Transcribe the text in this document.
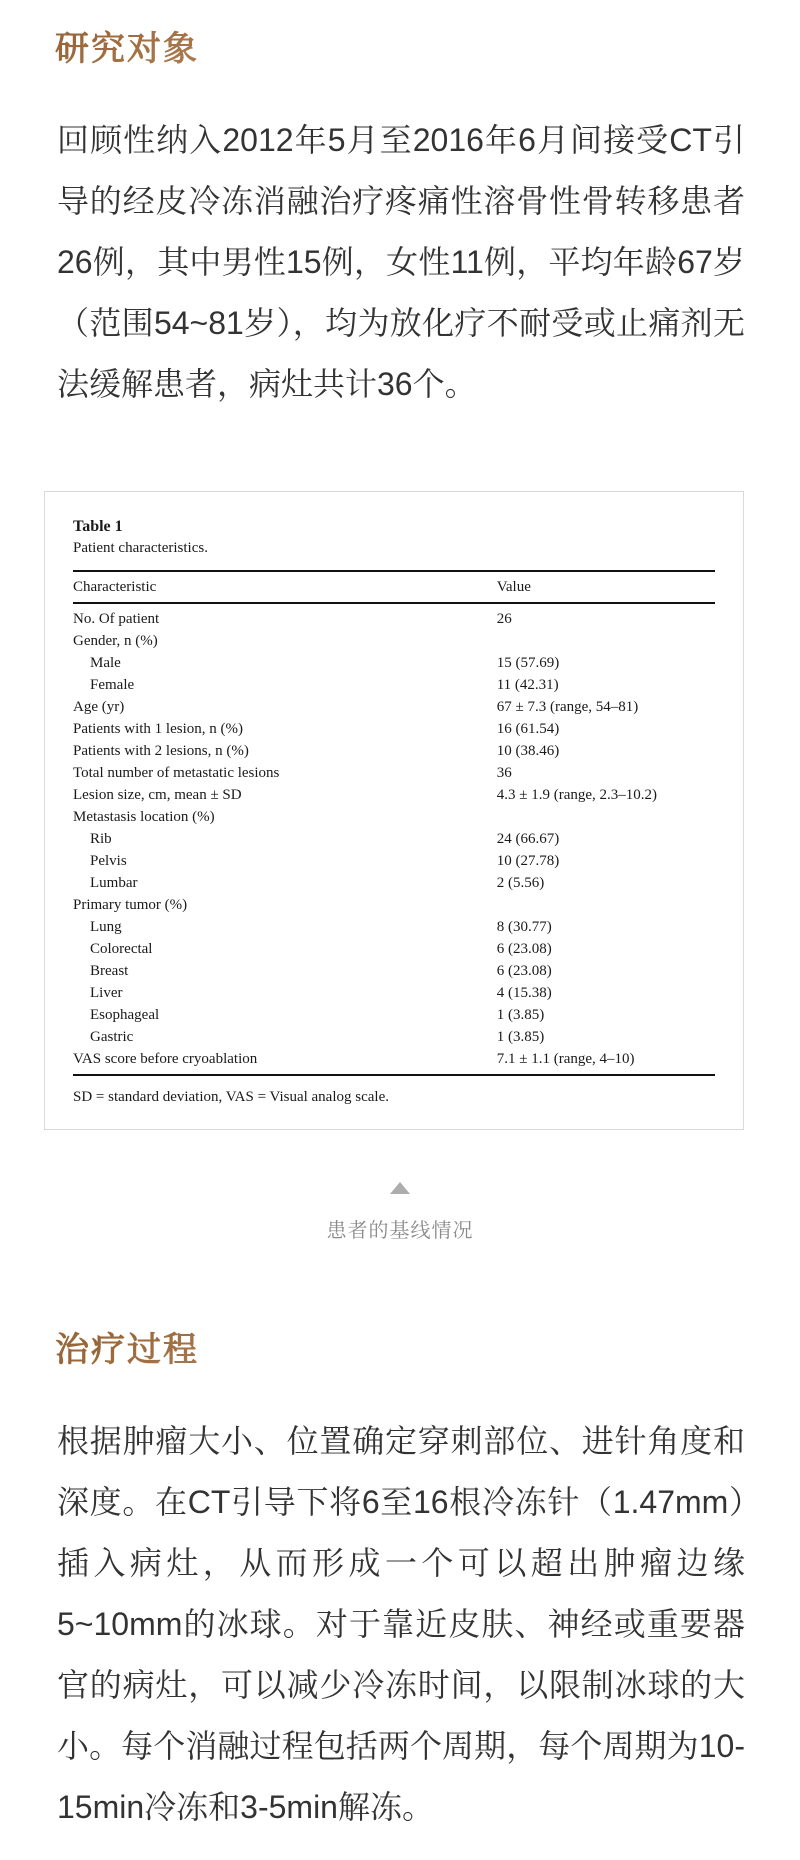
研究对象

回顾性纳入2012年5月至2016年6月间接受CT引导的经皮冷冻消融治疗疼痛性溶骨性骨转移患者26例，其中男性15例，女性11例，平均年龄67岁（范围54~81岁），均为放化疗不耐受或止痛剂无法缓解患者，病灶共计36个。

Table 1
Patient characteristics.
Characteristic	Value
No. Of patient	26
Gender, n (%)	
Male	15 (57.69)
Female	11 (42.31)
Age (yr)	67 ± 7.3 (range, 54–81)
Patients with 1 lesion, n (%)	16 (61.54)
Patients with 2 lesions, n (%)	10 (38.46)
Total number of metastatic lesions	36
Lesion size, cm, mean ± SD	4.3 ± 1.9 (range, 2.3–10.2)
Metastasis location (%)	
Rib	24 (66.67)
Pelvis	10 (27.78)
Lumbar	2 (5.56)
Primary tumor (%)	
Lung	8 (30.77)
Colorectal	6 (23.08)
Breast	6 (23.08)
Liver	4 (15.38)
Esophageal	1 (3.85)
Gastric	1 (3.85)
VAS score before cryoablation	7.1 ± 1.1 (range, 4–10)
SD = standard deviation, VAS = Visual analog scale.
患者的基线情况
治疗过程

根据肿瘤大小、位置确定穿刺部位、进针角度和深度。在CT引导下将6至16根冷冻针（1.47mm）插入病灶，从而形成一个可以超出肿瘤边缘5~10mm的冰球。对于靠近皮肤、神经或重要器官的病灶，可以减少冷冻时间，以限制冰球的大小。每个消融过程包括两个周期，每个周期为10-15min冷冻和3-5min解冻。
